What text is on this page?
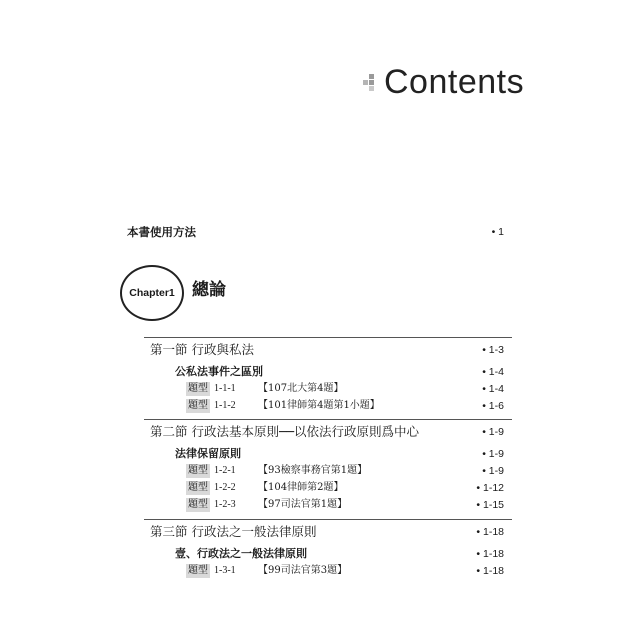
Contents
本書使用方法	• 1
Chapter1 總論
第一節 行政與私法	• 1-3
公私法事件之區別	• 1-4
題型 1-1-1 【107北大第4題】	• 1-4
題型 1-1-2 【101律師第4題第1小題】	• 1-6
第二節 行政法基本原則──以依法行政原則爲中心	• 1-9
法律保留原則	• 1-9
題型 1-2-1 【93檢察事務官第1題】	• 1-9
題型 1-2-2 【104律師第2題】	• 1-12
題型 1-2-3 【97司法官第1題】	• 1-15
第三節 行政法之一般法律原則	• 1-18
壹、行政法之一般法律原則	• 1-18
題型 1-3-1 【99司法官第3題】	• 1-18
